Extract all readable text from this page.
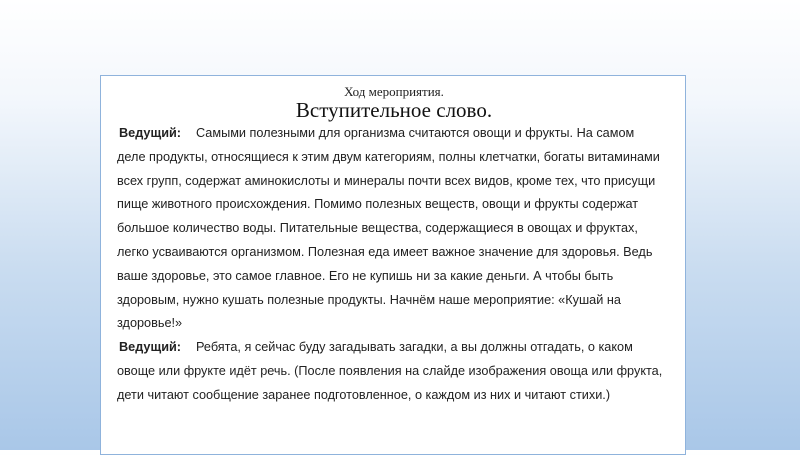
Ход мероприятия.
Вступительное слово.
Ведущий: Самыми полезными для организма считаются овощи и фрукты. На самом
деле продукты, относящиеся к этим двум категориям, полны клетчатки, богаты витаминами
всех групп, содержат аминокислоты и минералы почти всех видов, кроме тех, что присущи
пище животного происхождения. Помимо полезных веществ, овощи и фрукты содержат
большое количество воды. Питательные вещества, содержащиеся в овощах и фруктах,
легко усваиваются организмом. Полезная еда имеет важное значение для здоровья. Ведь
ваше здоровье, это самое главное. Его не купишь ни за какие деньги. А чтобы быть
здоровым, нужно кушать полезные продукты. Начнём наше мероприятие: «Кушай на
здоровье!»
Ведущий: Ребята, я сейчас буду загадывать загадки, а вы должны отгадать, о каком
овоще или фрукте идёт речь. (После появления на слайде изображения овоща или фрукта,
дети читают сообщение заранее подготовленное, о каждом из них и читают стихи.)
